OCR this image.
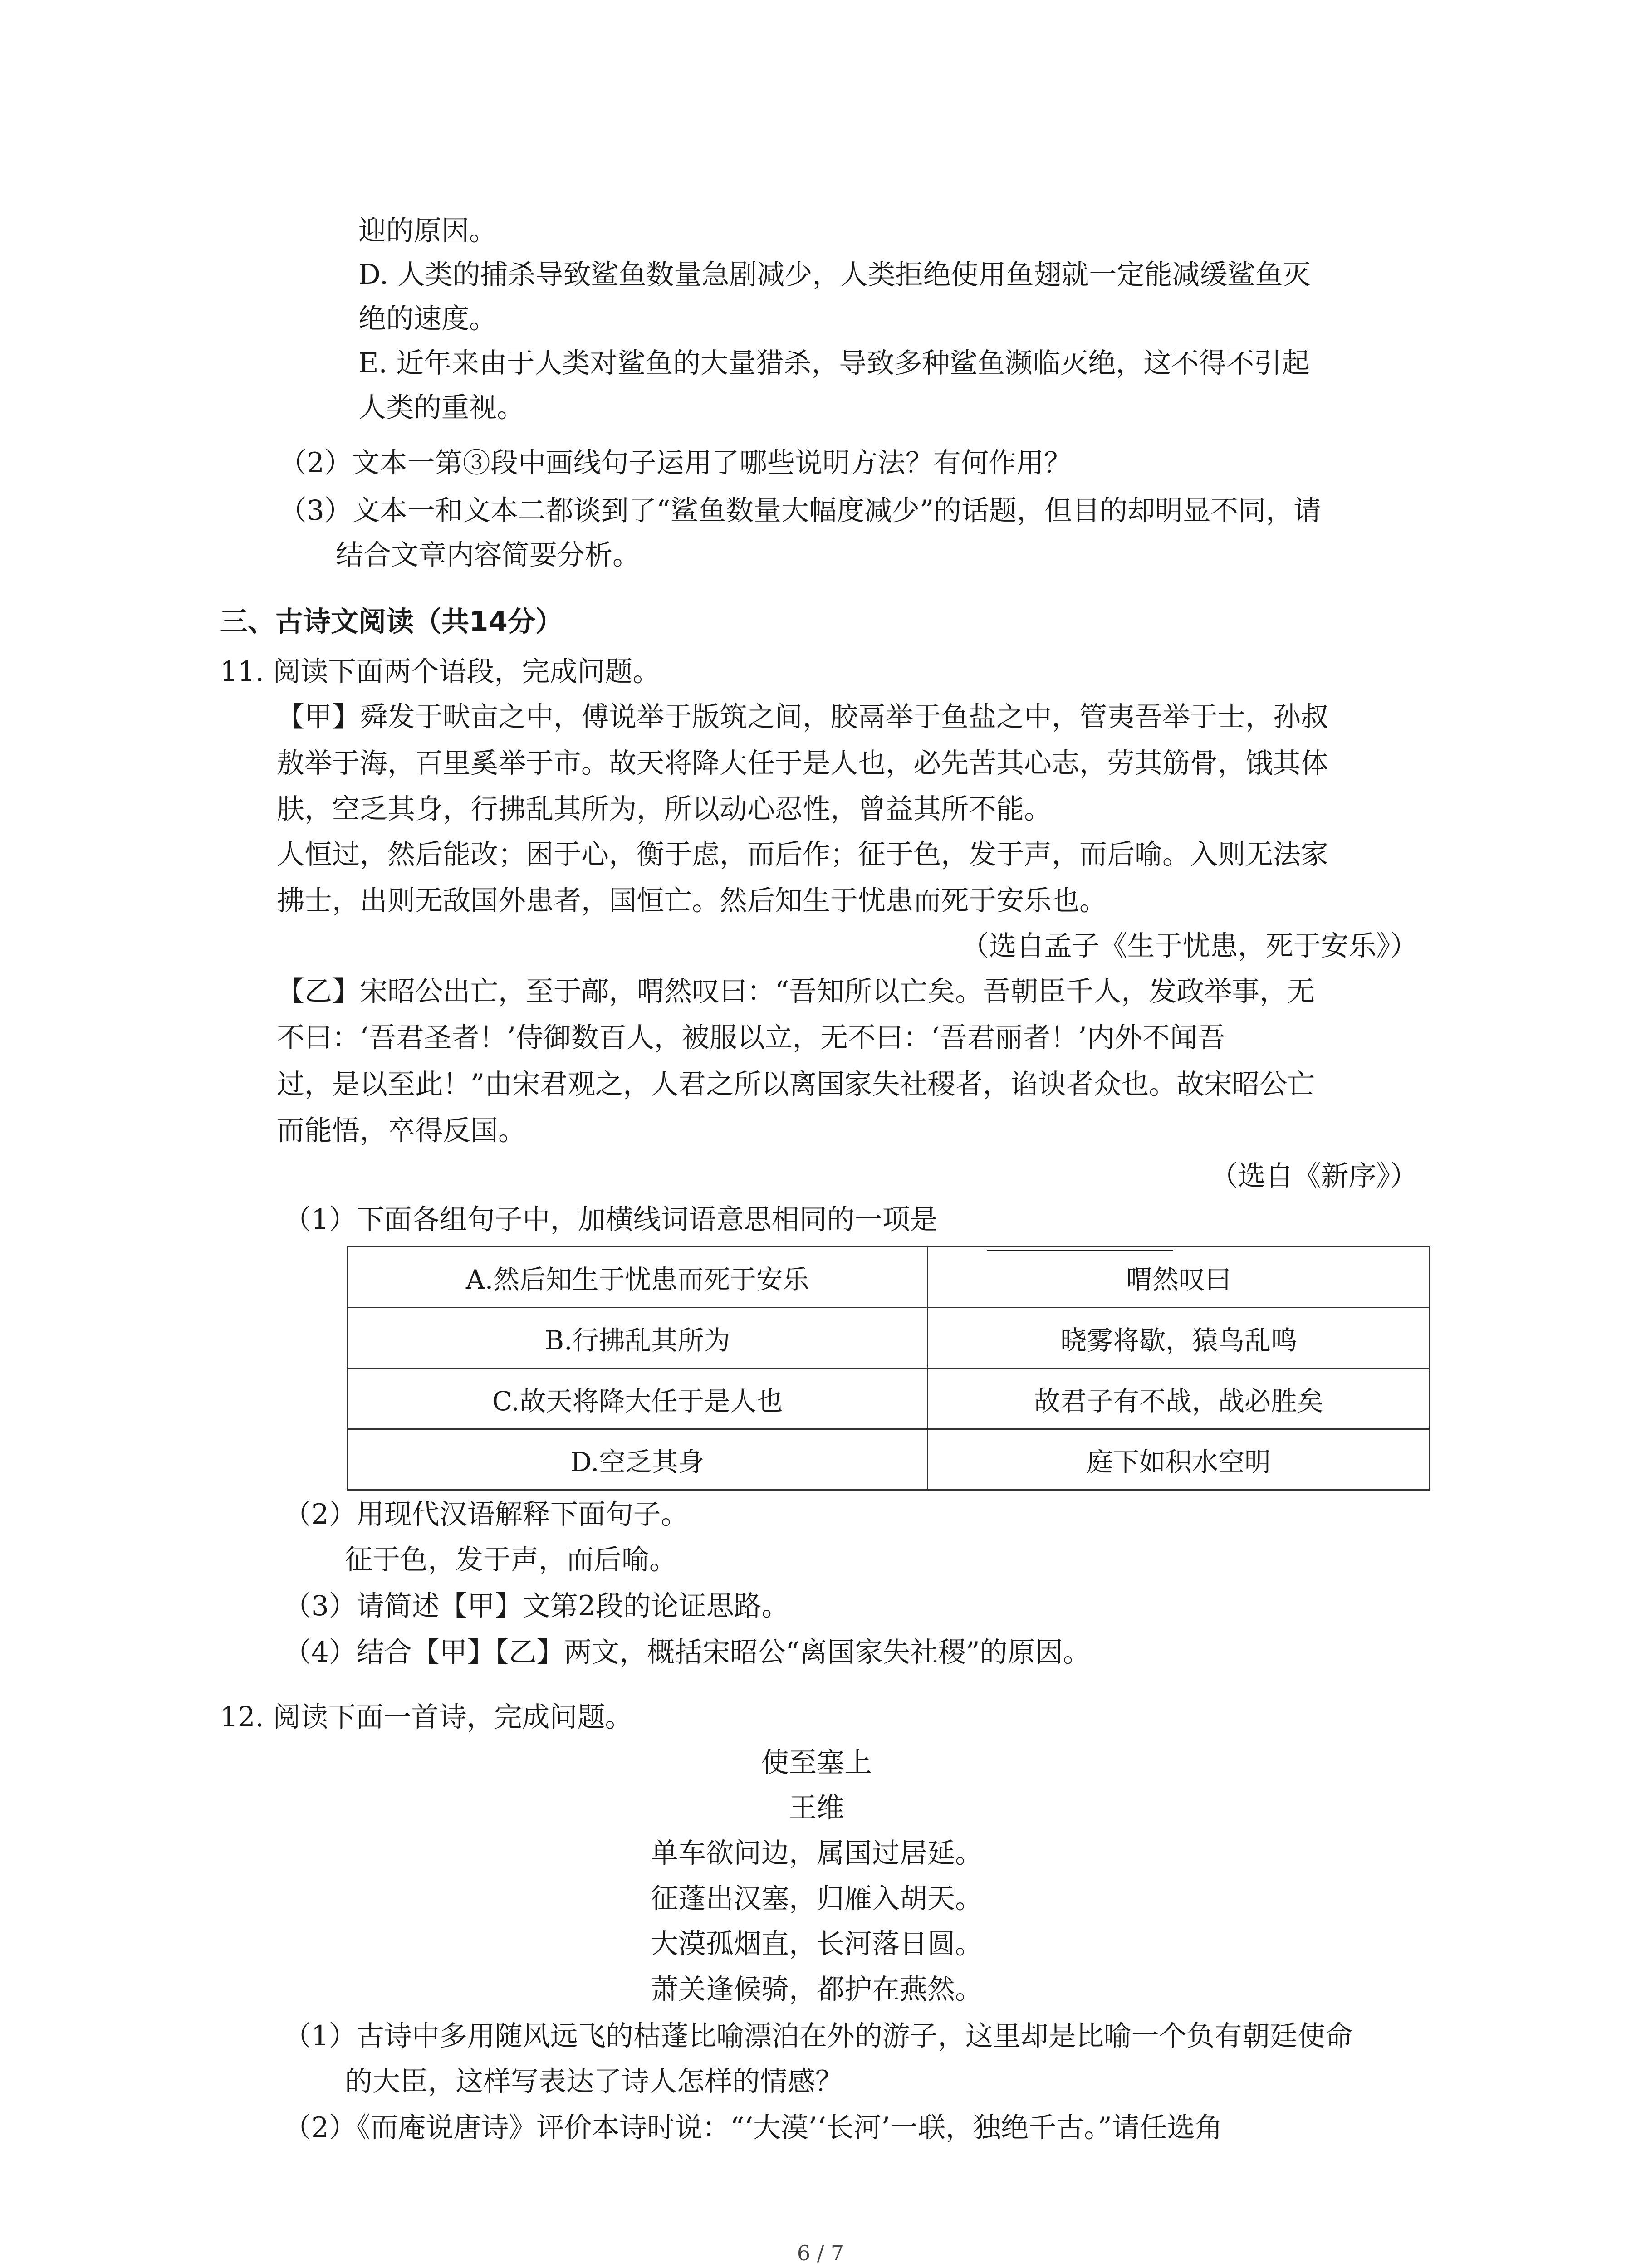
迎的原因。
D. 人类的捕杀导致鲨鱼数量急剧减少，人类拒绝使用鱼翅就一定能减缓鲨鱼灭
绝的速度。
E. 近年来由于人类对鲨鱼的大量猎杀，导致多种鲨鱼濒临灭绝，这不得不引起
人类的重视。
（2）文本一第③段中画线句子运用了哪些说明方法？有何作用？
（3）文本一和文本二都谈到了“鲨鱼数量大幅度减少”的话题，但目的却明显不同，请
结合文章内容简要分析。
三、古诗文阅读（共14分）
11. 阅读下面两个语段，完成问题。
【甲】舜发于畎亩之中，傅说举于版筑之间，胶鬲举于鱼盐之中，管夷吾举于士，孙叔
敖举于海，百里奚举于市。故天将降大任于是人也，必先苦其心志，劳其筋骨，饿其体
肤，空乏其身，行拂乱其所为，所以动心忍性，曾益其所不能。
人恒过，然后能改；困于心，衡于虑，而后作；征于色，发于声，而后喻。入则无法家
拂士，出则无敌国外患者，国恒亡。然后知生于忧患而死于安乐也。
（选自孟子《生于忧患，死于安乐》）
【乙】宋昭公出亡，至于鄗，喟然叹曰：“吾知所以亡矣。吾朝臣千人，发政举事，无
不曰：‘吾君圣者！’侍御数百人，被服以立，无不曰：‘吾君丽者！’内外不闻吾
过，是以至此！”由宋君观之，人君之所以离国家失社稷者，谄谀者众也。故宋昭公亡
而能悟，卒得反国。
（选自《新序》）
（1）下面各组句子中，加横线词语意思相同的一项是
A.然后知生于忧患而死于安乐	喟然叹曰
B.行拂乱其所为	晓雾将歇，猿鸟乱鸣
C.故天将降大任于是人也	故君子有不战，战必胜矣
D.空乏其身	庭下如积水空明
（2）用现代汉语解释下面句子。
征于色，发于声，而后喻。
（3）请简述【甲】文第2段的论证思路。
（4）结合【甲】【乙】两文，概括宋昭公“离国家失社稷”的原因。
12. 阅读下面一首诗，完成问题。
使至塞上
王维
单车欲问边，属国过居延。
征蓬出汉塞，归雁入胡天。
大漠孤烟直，长河落日圆。
萧关逢候骑，都护在燕然。
（1）古诗中多用随风远飞的枯蓬比喻漂泊在外的游子，这里却是比喻一个负有朝廷使命
的大臣，这样写表达了诗人怎样的情感？
（2）《而庵说唐诗》评价本诗时说：“‘大漠’‘长河’一联，独绝千古。”请任选角
6 / 7
